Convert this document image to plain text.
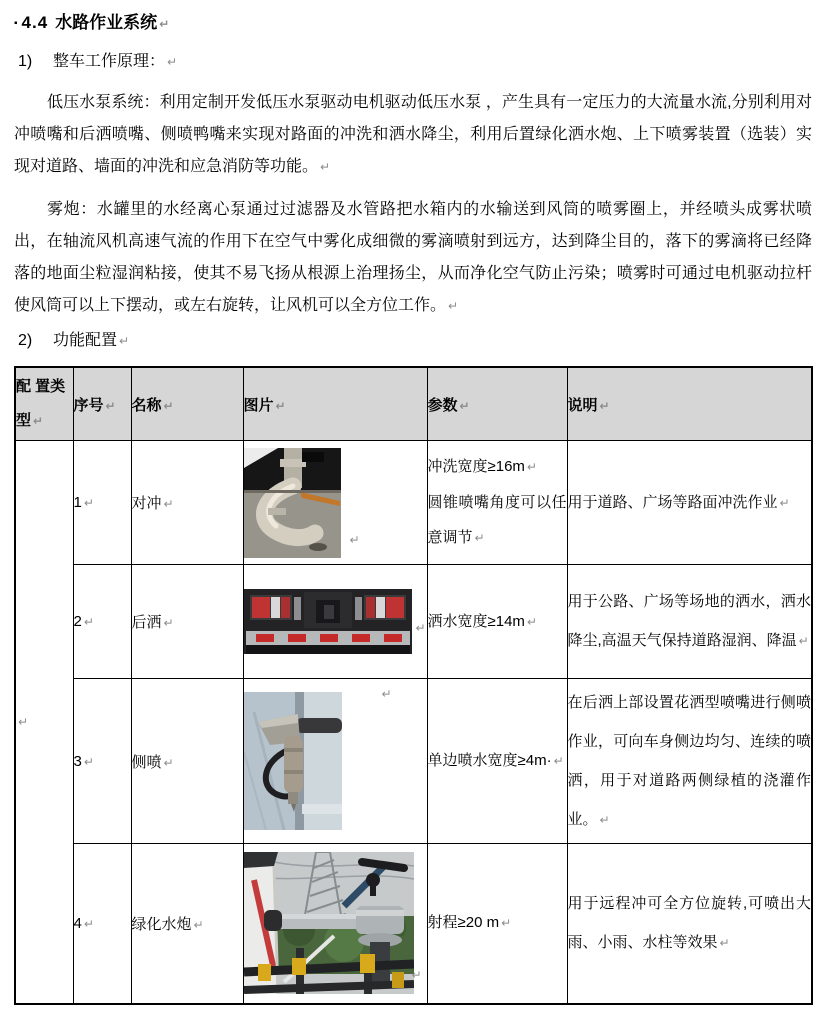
▪ 4.4 水路作业系统 ↵
1) 整车工作原理： ↵

低压水泵系统：利用定制开发低压水泵驱动电机驱动低压水泵 ，产生具有一定压力的大流量水流,分别利用对冲喷嘴和后洒喷嘴、侧喷鸭嘴来实现对路面的冲洗和洒水降尘，利用后置绿化洒水炮、上下喷雾装置（选装）实现对道路、墙面的冲洗和应急消防等功能。 ↵

雾炮：水罐里的水经离心泵通过过滤器及水管路把水箱内的水输送到风筒的喷雾圈上，并经喷头成雾状喷出，在轴流风机高速气流的作用下在空气中雾化成细微的雾滴喷射到远方，达到降尘目的，落下的雾滴将已经降落的地面尘粒湿润粘接，使其不易飞扬从根源上治理扬尘，从而净化空气防止污染；喷雾时可通过电机驱动拉杆使风筒可以上下摆动，或左右旋转，让风机可以全方位工作。 ↵

2) 功能配置 ↵
配 置类型 ↵	序号 ↵	名称 ↵	图片 ↵	参数 ↵	说明 ↵
↵	1 ↵	对冲 ↵	↵	冲洗宽度≥16m ↵
圆锥喷嘴角度可以任意调节 ↵	用于道路、广场等路面冲洗作业 ↵
	2 ↵	后洒 ↵	↵	洒水宽度≥14m ↵	用于公路、广场等场地的洒水，洒水降尘,高温天气保持道路湿润、降温 ↵
	3 ↵	侧喷 ↵	↵	单边喷水宽度≥4m· ↵	在后洒上部设置花洒型喷嘴进行侧喷作业，可向车身侧边均匀、连续的喷洒，用于对道路两侧绿植的浇灌作业。 ↵
	4 ↵	绿化水炮 ↵	↵	射程≥20 m ↵	用于远程冲可全方位旋转,可喷出大雨、小雨、水柱等效果 ↵
